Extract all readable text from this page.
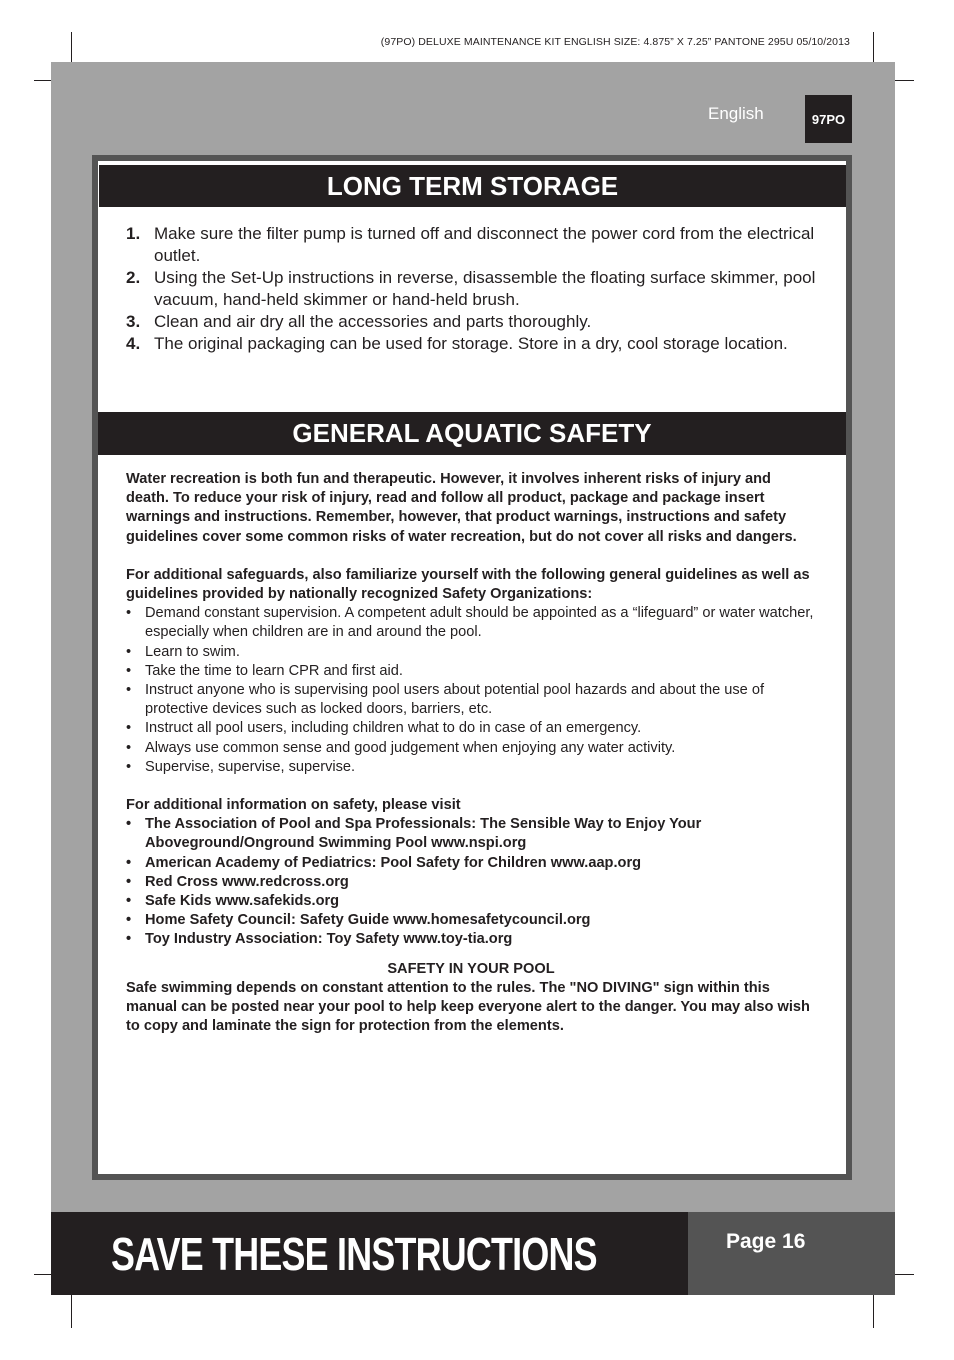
(97PO) DELUXE MAINTENANCE KIT ENGLISH SIZE: 4.875” X 7.25” PANTONE 295U 05/10/2013
English	97PO
LONG TERM STORAGE
1. Make sure the filter pump is turned off and disconnect the power cord from the electrical outlet.
2. Using the Set-Up instructions in reverse, disassemble the floating surface skimmer, pool vacuum, hand-held skimmer or hand-held brush.
3. Clean and air dry all the accessories and parts thoroughly.
4. The original packaging can be used for storage. Store in a dry, cool storage location.
GENERAL AQUATIC SAFETY

Water recreation is both fun and therapeutic. However, it involves inherent risks of injury and death. To reduce your risk of injury, read and follow all product, package and package insert warnings and instructions. Remember, however, that product warnings, instructions and safety guidelines cover some common risks of water recreation, but do not cover all risks and dangers.

For additional safeguards, also familiarize yourself with the following general guidelines as well as guidelines provided by nationally recognized Safety Organizations:

• Demand constant supervision. A competent adult should be appointed as a “lifeguard” or water watcher, especially when children are in and around the pool.
• Learn to swim.
• Take the time to learn CPR and first aid.
• Instruct anyone who is supervising pool users about potential pool hazards and about the use of protective devices such as locked doors, barriers, etc.
• Instruct all pool users, including children what to do in case of an emergency.
• Always use common sense and good judgement when enjoying any water activity.
• Supervise, supervise, supervise.

For additional information on safety, please visit

• The Association of Pool and Spa Professionals: The Sensible Way to Enjoy Your Aboveground/Onground Swimming Pool www.nspi.org
• American Academy of Pediatrics: Pool Safety for Children www.aap.org
• Red Cross www.redcross.org
• Safe Kids www.safekids.org
• Home Safety Council: Safety Guide www.homesafetycouncil.org
• Toy Industry Association: Toy Safety www.toy-tia.org

SAFETY IN YOUR POOL

Safe swimming depends on constant attention to the rules. The "NO DIVING" sign within this manual can be posted near your pool to help keep everyone alert to the danger. You may also wish to copy and laminate the sign for protection from the elements.

SAVE THESE INSTRUCTIONS	Page 16
